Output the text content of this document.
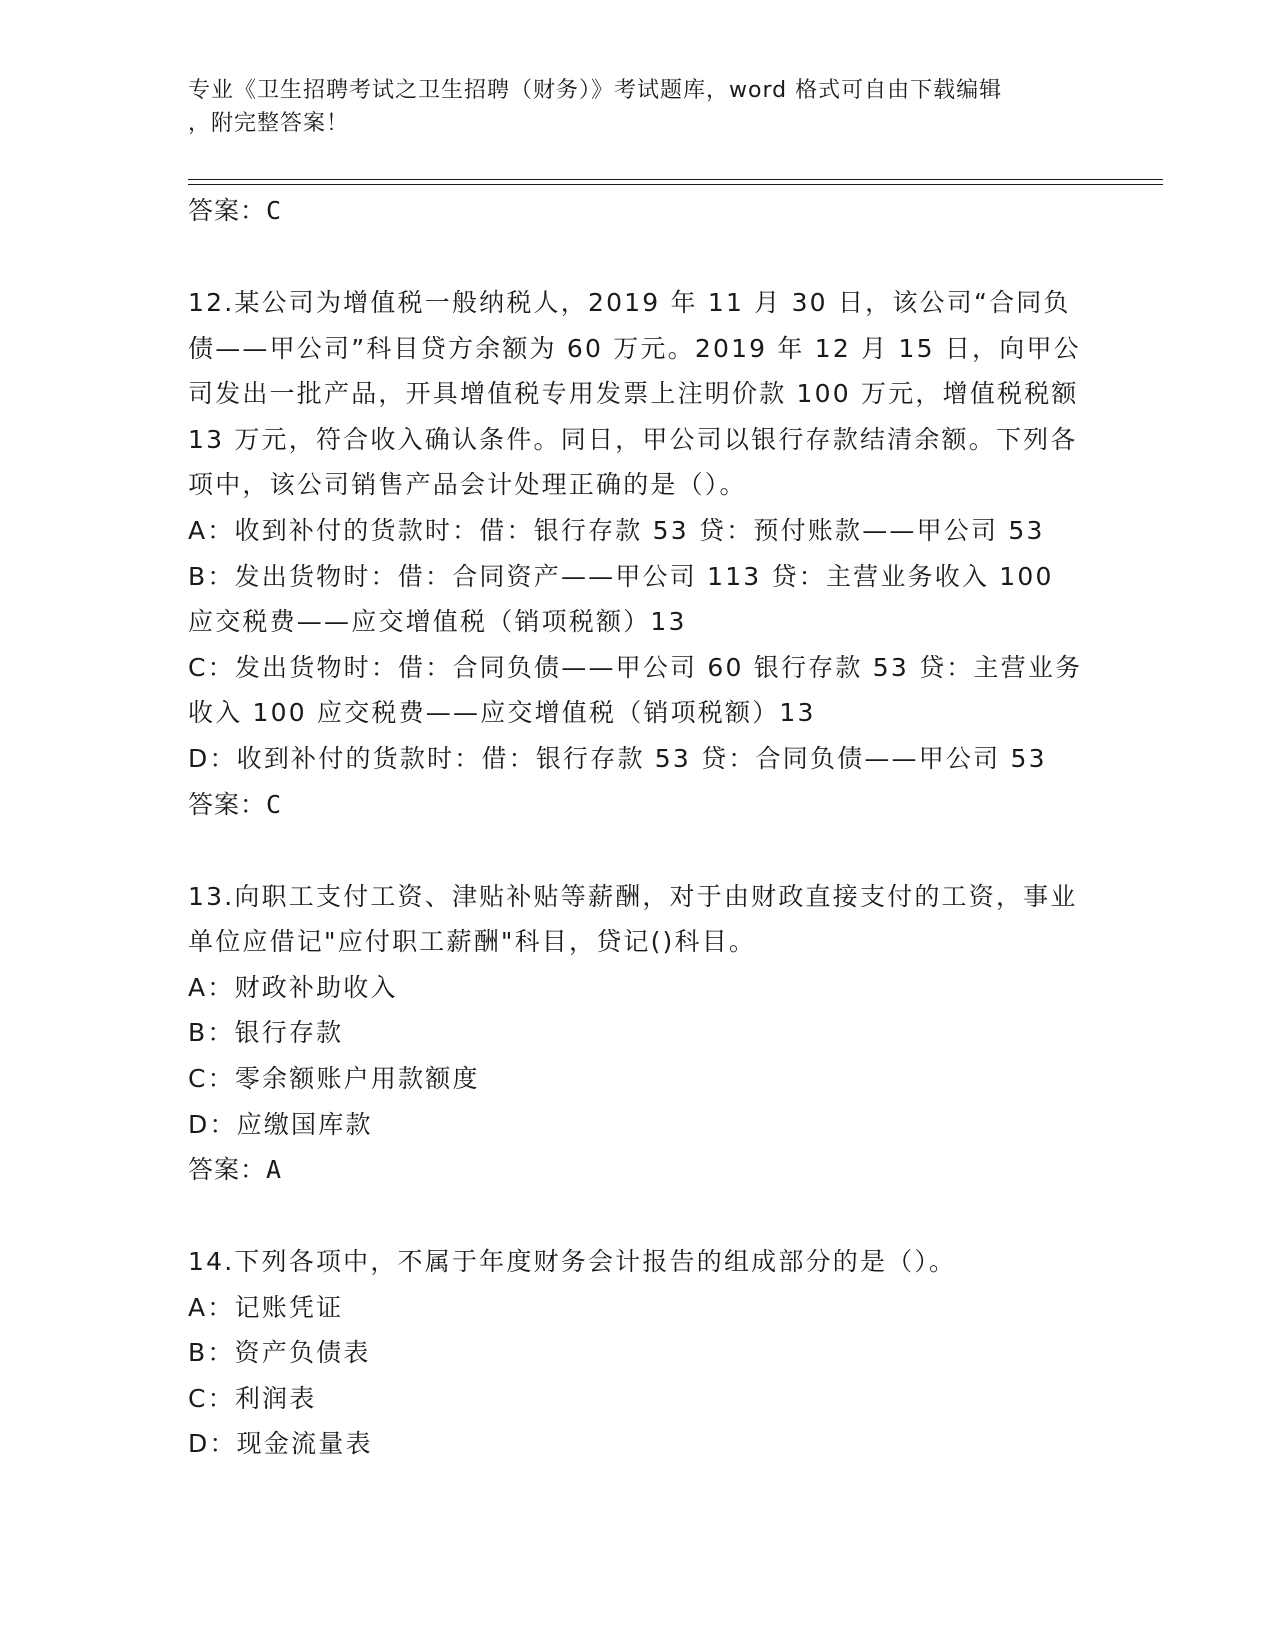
专业《卫生招聘考试之卫生招聘（财务）》考试题库，word 格式可自由下载编辑
，附完整答案！
答案：C
12.某公司为增值税一般纳税人，2019 年 11 月 30 日，该公司“合同负债——甲公司”科目贷方余额为 60 万元。2019 年 12 月 15 日，向甲公司发出一批产品，开具增值税专用发票上注明价款 100 万元，增值税税额 13 万元，符合收入确认条件。同日，甲公司以银行存款结清余额。下列各项中，该公司销售产品会计处理正确的是（）。
A：收到补付的货款时：借：银行存款 53 贷：预付账款——甲公司 53
B：发出货物时：借：合同资产——甲公司 113 贷：主营业务收入 100 应交税费——应交增值税（销项税额）13
C：发出货物时：借：合同负债——甲公司 60 银行存款 53 贷：主营业务收入 100 应交税费——应交增值税（销项税额）13
D：收到补付的货款时：借：银行存款 53 贷：合同负债——甲公司 53
答案：C
13.向职工支付工资、津贴补贴等薪酬，对于由财政直接支付的工资，事业单位应借记"应付职工薪酬"科目，贷记()科目。
A：财政补助收入
B：银行存款
C：零余额账户用款额度
D：应缴国库款
答案：A
14.下列各项中，不属于年度财务会计报告的组成部分的是（）。
A：记账凭证
B：资产负债表
C：利润表
D：现金流量表
